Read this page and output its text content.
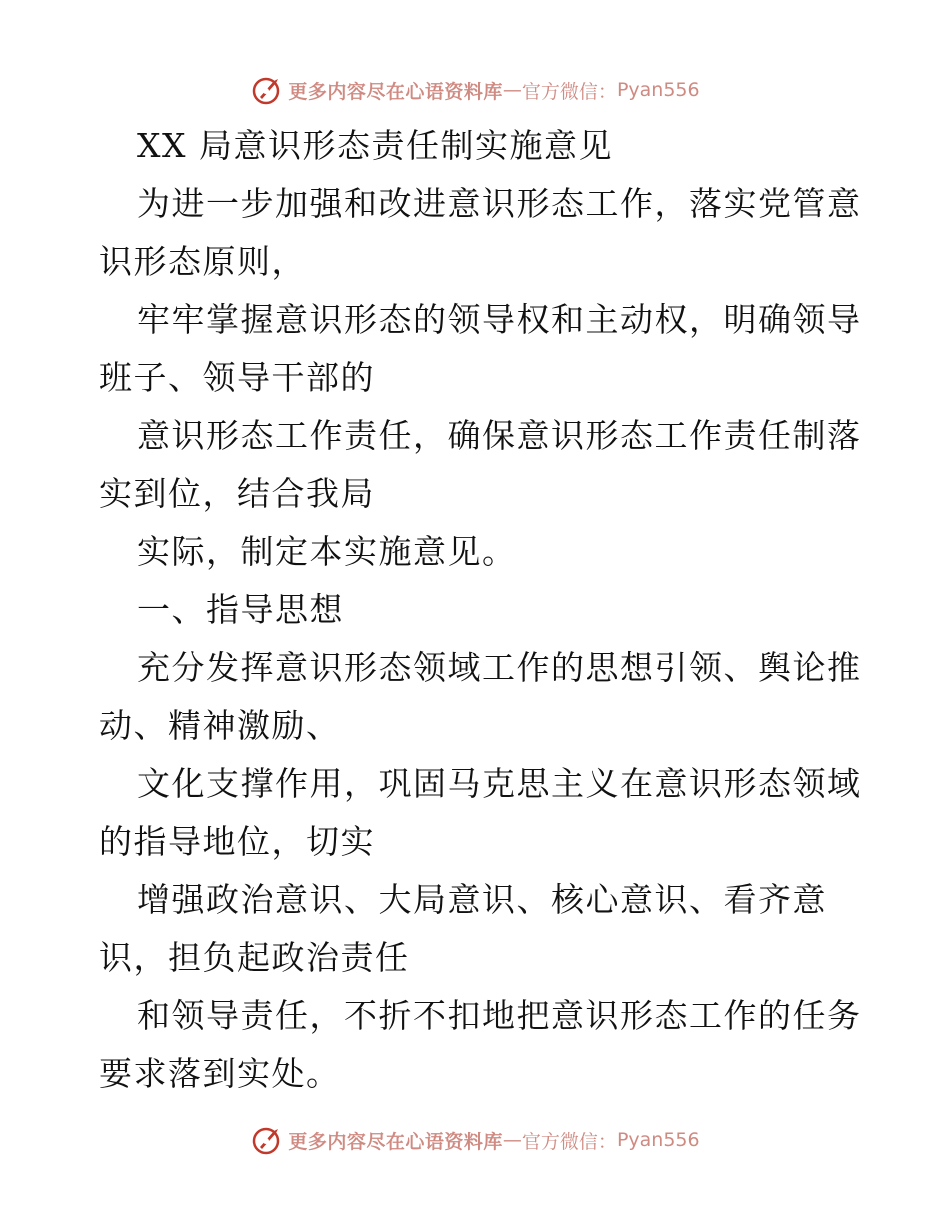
更多内容尽在心语资料库 — 官方微信： Pyan556
XX 局意识形态责任制实施意见
为进一步加强和改进意识形态工作，落实党管意
识形态原则，
牢牢掌握意识形态的领导权和主动权，明确领导
班子、领导干部的
意识形态工作责任，确保意识形态工作责任制落
实到位，结合我局
实际，制定本实施意见。
一、指导思想
充分发挥意识形态领域工作的思想引领、舆论推
动、精神激励、
文化支撑作用，巩固马克思主义在意识形态领域
的指导地位，切实
增强政治意识、大局意识、核心意识、看齐意
识，担负起政治责任
和领导责任，不折不扣地把意识形态工作的任务
要求落到实处。
更多内容尽在心语资料库 — 官方微信： Pyan556
